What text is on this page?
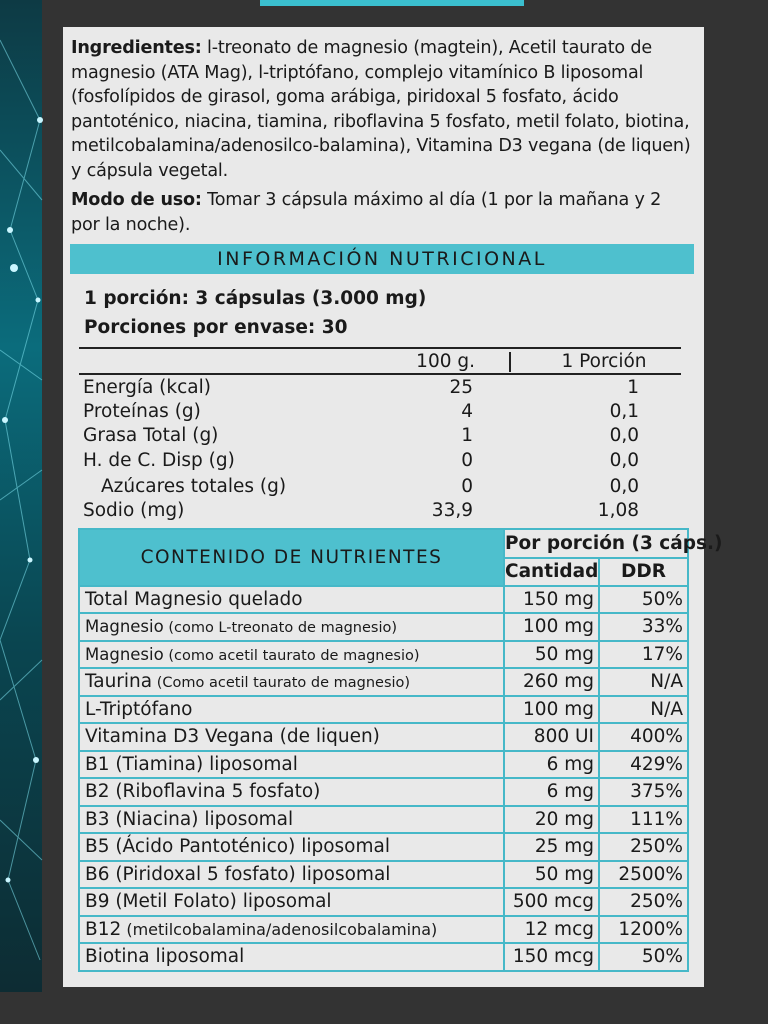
Ingredientes: l-treonato de magnesio (magtein), Acetil taurato de magnesio (ATA Mag), l-triptófano, complejo vitamínico B liposomal (fosfolípidos de girasol, goma arábiga, piridoxal 5 fosfato, ácido pantoténico, niacina, tiamina, riboflavina 5 fosfato, metil folato, biotina, metilcobalamina/adenosilco-balamina), Vitamina D3 vegana (de liquen) y cápsula vegetal.
Modo de uso: Tomar 3 cápsula máximo al día (1 por la mañana y 2 por la noche).
INFORMACIÓN NUTRICIONAL
1 porción: 3 cápsulas (3.000 mg)
Porciones por envase: 30
100 g.	1 Porción
Energía (kcal)	25	1
Proteínas (g)	4	0,1
Grasa Total (g)	1	0,0
H. de C. Disp (g)	0	0,0
Azúcares totales (g)	0	0,0
Sodio (mg)	33,9	1,08
CONTENIDO DE NUTRIENTES	Por porción (3 cáps.)	
	Cantidad	DDR
Total Magnesio quelado	150 mg	50%
Magnesio (como L-treonato de magnesio)	100 mg	33%
Magnesio (como acetil taurato de magnesio)	50 mg	17%
Taurina (Como acetil taurato de magnesio)	260 mg	N/A
L-Triptófano	100 mg	N/A
Vitamina D3 Vegana (de liquen)	800 UI	400%
B1 (Tiamina) liposomal	6 mg	429%
B2 (Riboflavina 5 fosfato)	6 mg	375%
B3 (Niacina) liposomal	20 mg	111%
B5 (Ácido Pantoténico) liposomal	25 mg	250%
B6 (Piridoxal 5 fosfato) liposomal	50 mg	2500%
B9 (Metil Folato) liposomal	500 mcg	250%
B12 (metilcobalamina/adenosilcobalamina)	12 mcg	1200%
Biotina liposomal	150 mcg	50%
